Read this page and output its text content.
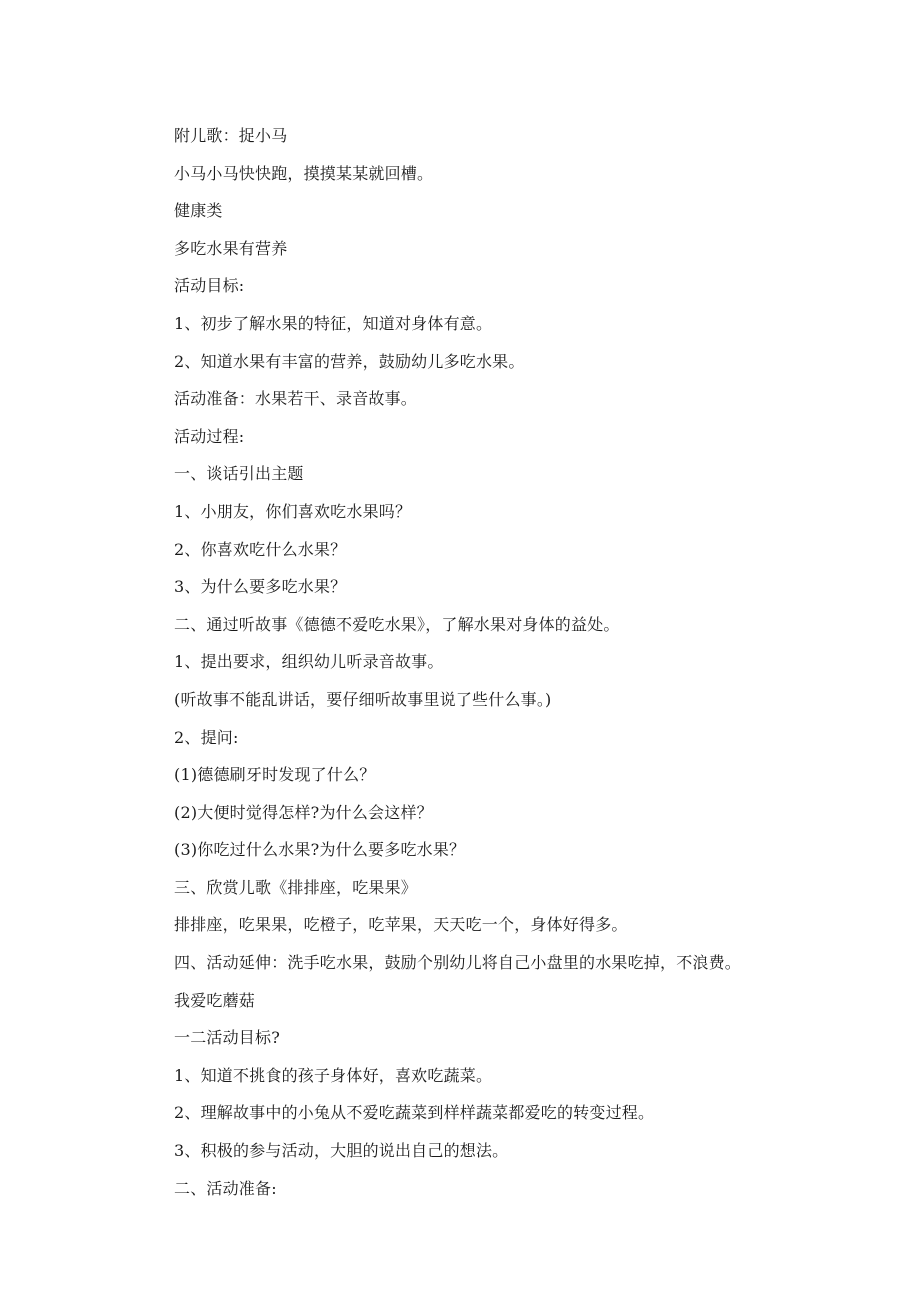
附儿歌：捉小马
小马小马快快跑，摸摸某某就回槽。
健康类
多吃水果有营养
活动目标:
1、初步了解水果的特征，知道对身体有意。
2、知道水果有丰富的营养，鼓励幼儿多吃水果。
活动准备：水果若干、录音故事。
活动过程:
一、谈话引出主题
1、小朋友，你们喜欢吃水果吗？
2、你喜欢吃什么水果？
3、为什么要多吃水果？
二、通过听故事《德德不爱吃水果》，了解水果对身体的益处。
1、提出要求，组织幼儿听录音故事。
(听故事不能乱讲话，要仔细听故事里说了些什么事。)
2、提问:
(1)德德刷牙时发现了什么？
(2)大便时觉得怎样?为什么会这样？
(3)你吃过什么水果?为什么要多吃水果？
三、欣赏儿歌《排排座，吃果果》
排排座，吃果果，吃橙子，吃苹果，天天吃一个，身体好得多。
四、活动延伸：洗手吃水果，鼓励个别幼儿将自己小盘里的水果吃掉，不浪费。
我爱吃蘑菇
一二活动目标?
1、知道不挑食的孩子身体好，喜欢吃蔬菜。
2、理解故事中的小兔从不爱吃蔬菜到样样蔬菜都爱吃的转变过程。
3、积极的参与活动，大胆的说出自己的想法。
二、活动准备:
